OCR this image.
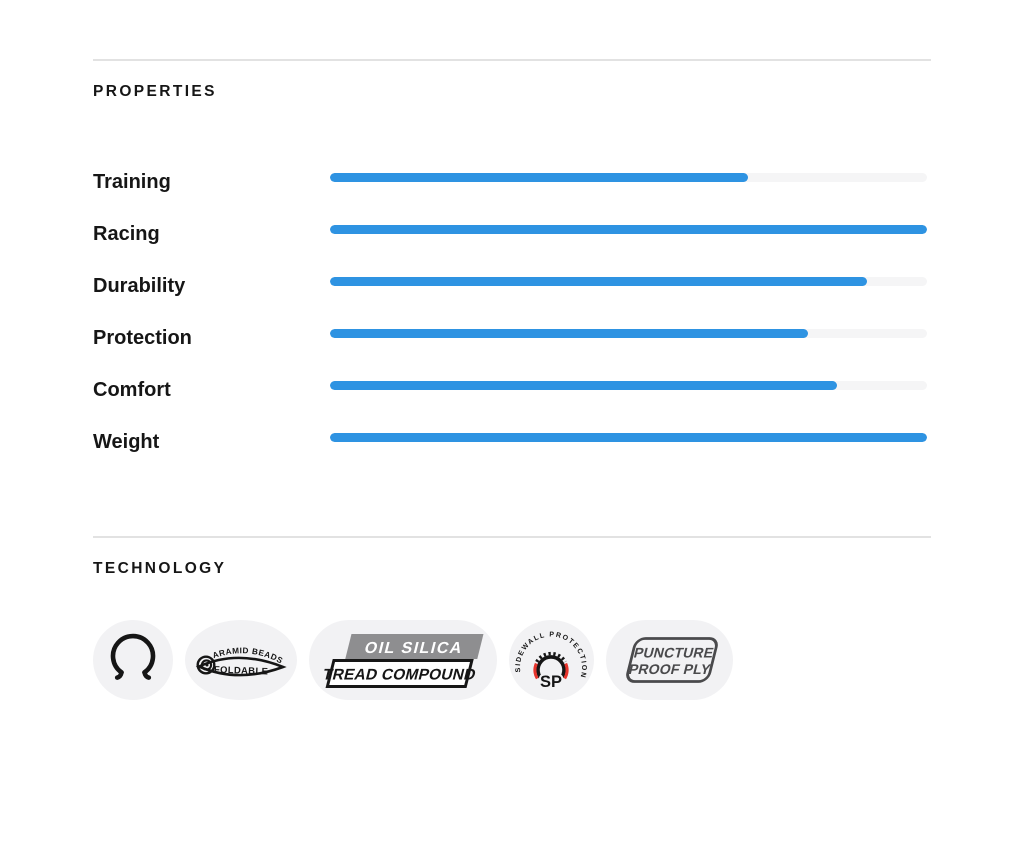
PROPERTIES
Training
Racing
Durability
Protection
Comfort
Weight
TECHNOLOGY
ARAMID BEADS
FOLDABLE
OIL SILICA
TREAD COMPOUND	SIDEWALL PROTECTION
SP
PUNCTURE
PROOF PLY
